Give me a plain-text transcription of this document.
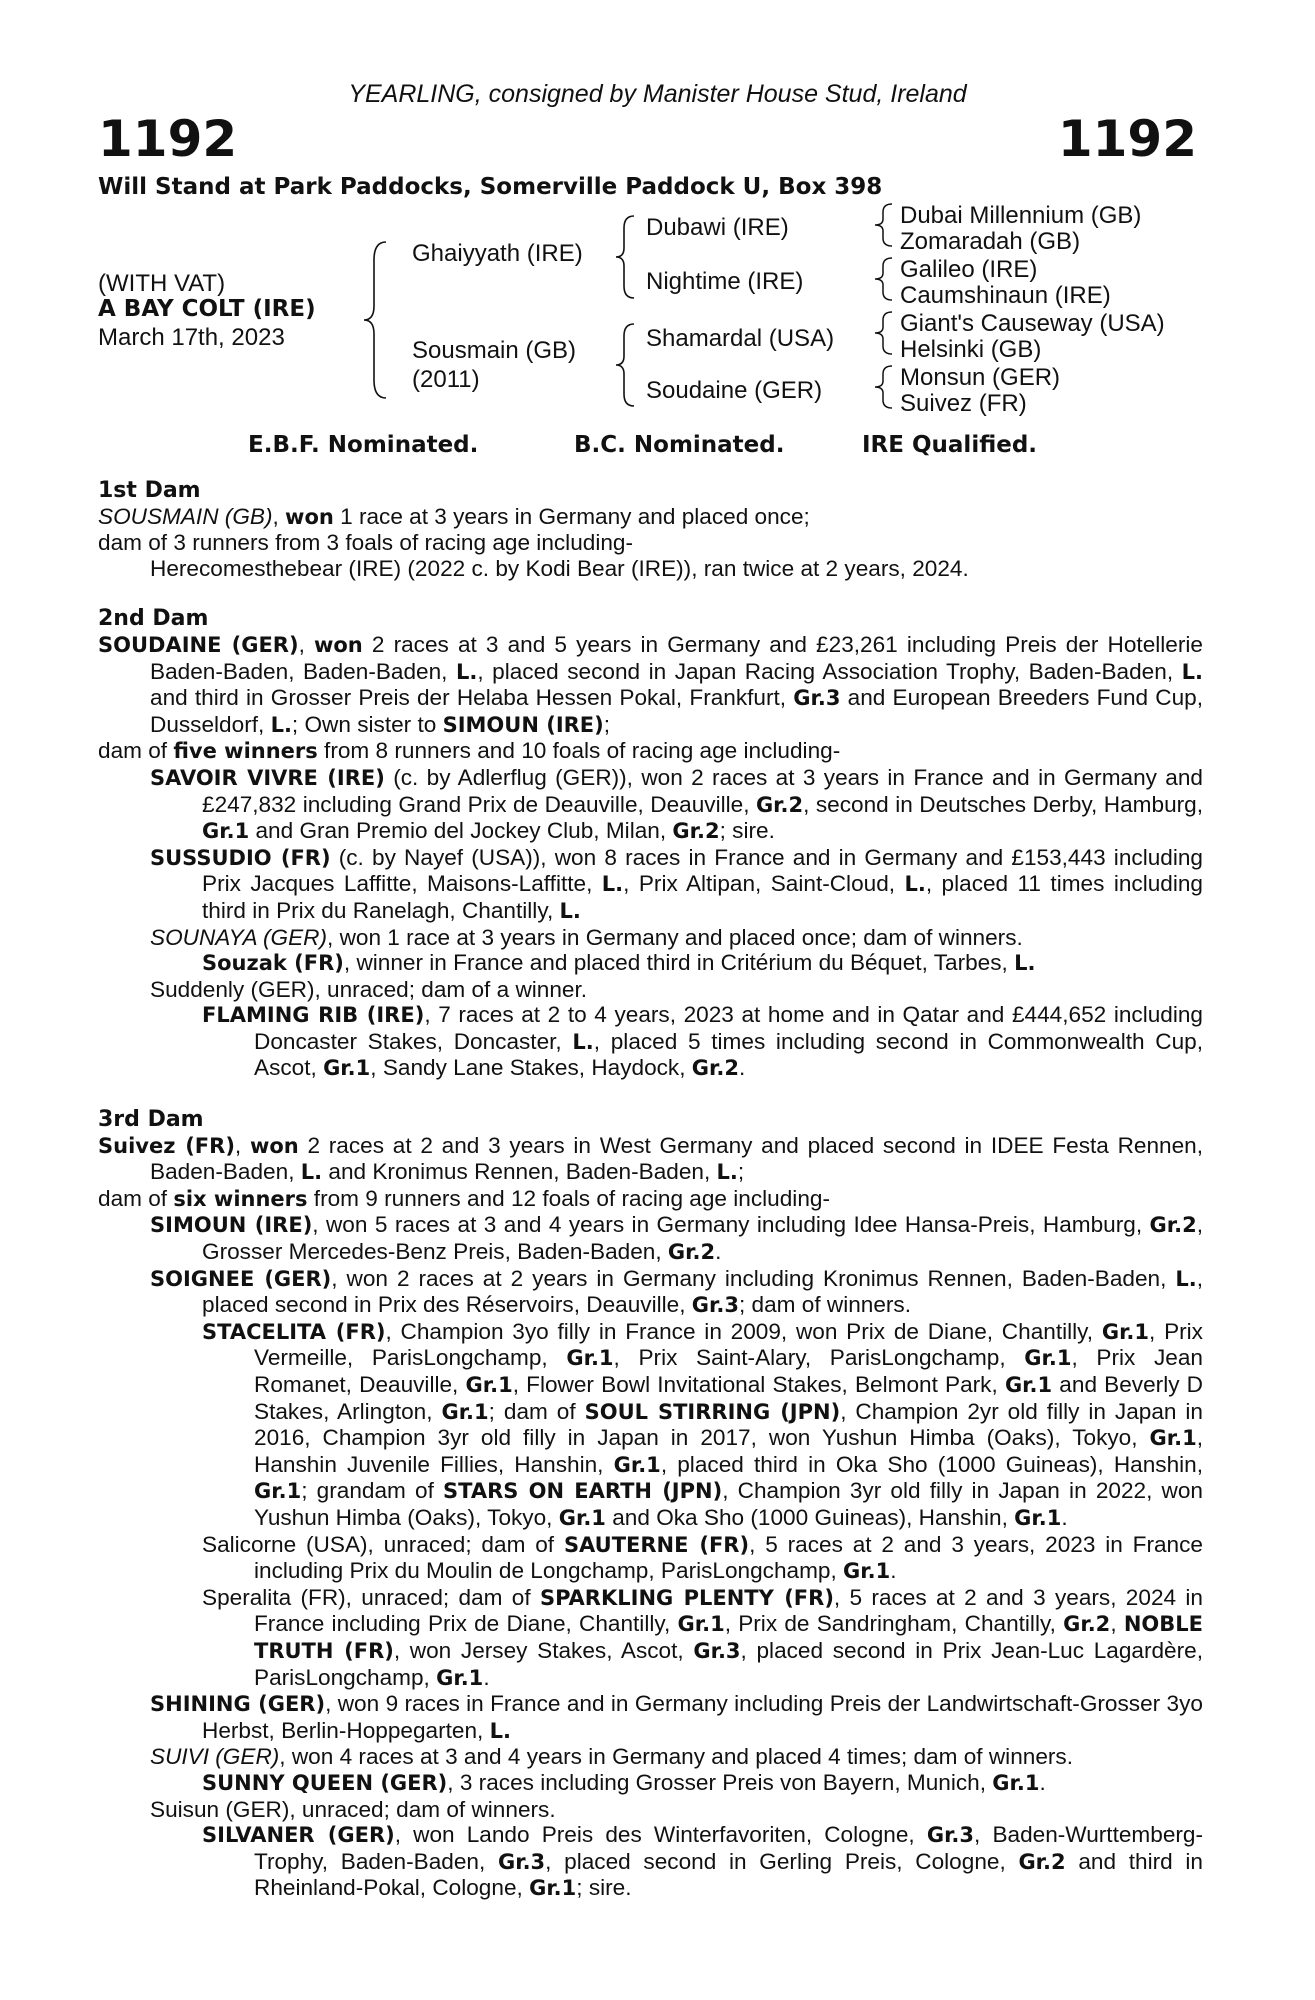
YEARLING, consigned by Manister House Stud, Ireland
1192	1192
Will Stand at Park Paddocks, Somerville Paddock U, Box 398
(WITH VAT)
A BAY COLT (IRE)
March 17th, 2023
Ghaiyyath (IRE)
Sousmain (GB)
(2011)
Dubawi (IRE)
Nightime (IRE)
Shamardal (USA)
Soudaine (GER)
Dubai Millennium (GB)
Zomaradah (GB)
Galileo (IRE)
Caumshinaun (IRE)
Giant's Causeway (USA)
Helsinki (GB)
Monsun (GER)
Suivez (FR)
E.B.F. Nominated.	B.C. Nominated.	IRE Qualified.
1st Dam

SOUSMAIN (GB), won 1 race at 3 years in Germany and placed once;

dam of 3 runners from 3 foals of racing age including-

Herecomesthebear (IRE) (2022 c. by Kodi Bear (IRE)), ran twice at 2 years, 2024.

2nd Dam

SOUDAINE (GER), won 2 races at 3 and 5 years in Germany and £23,261 including Preis der Hotellerie Baden-Baden, Baden-Baden, L., placed second in Japan Racing Association Trophy, Baden-Baden, L. and third in Grosser Preis der Helaba Hessen Pokal, Frankfurt, Gr.3 and European Breeders Fund Cup, Dusseldorf, L.; Own sister to SIMOUN (IRE);

dam of five winners from 8 runners and 10 foals of racing age including-

SAVOIR VIVRE (IRE) (c. by Adlerflug (GER)), won 2 races at 3 years in France and in Germany and £247,832 including Grand Prix de Deauville, Deauville, Gr.2, second in Deutsches Derby, Hamburg, Gr.1 and Gran Premio del Jockey Club, Milan, Gr.2; sire.

SUSSUDIO (FR) (c. by Nayef (USA)), won 8 races in France and in Germany and £153,443 including Prix Jacques Laffitte, Maisons-Laffitte, L., Prix Altipan, Saint-Cloud, L., placed 11 times including third in Prix du Ranelagh, Chantilly, L.

SOUNAYA (GER), won 1 race at 3 years in Germany and placed once; dam of winners.

Souzak (FR), winner in France and placed third in Critérium du Béquet, Tarbes, L.

Suddenly (GER), unraced; dam of a winner.

FLAMING RIB (IRE), 7 races at 2 to 4 years, 2023 at home and in Qatar and £444,652 including Doncaster Stakes, Doncaster, L., placed 5 times including second in Commonwealth Cup, Ascot, Gr.1, Sandy Lane Stakes, Haydock, Gr.2.

3rd Dam

Suivez (FR), won 2 races at 2 and 3 years in West Germany and placed second in IDEE Festa Rennen, Baden-Baden, L. and Kronimus Rennen, Baden-Baden, L.;

dam of six winners from 9 runners and 12 foals of racing age including-

SIMOUN (IRE), won 5 races at 3 and 4 years in Germany including Idee Hansa-Preis, Hamburg, Gr.2, Grosser Mercedes-Benz Preis, Baden-Baden, Gr.2.

SOIGNEE (GER), won 2 races at 2 years in Germany including Kronimus Rennen, Baden-Baden, L., placed second in Prix des Réservoirs, Deauville, Gr.3; dam of winners.

STACELITA (FR), Champion 3yo filly in France in 2009, won Prix de Diane, Chantilly, Gr.1, Prix Vermeille, ParisLongchamp, Gr.1, Prix Saint-Alary, ParisLongchamp, Gr.1, Prix Jean Romanet, Deauville, Gr.1, Flower Bowl Invitational Stakes, Belmont Park, Gr.1 and Beverly D Stakes, Arlington, Gr.1; dam of SOUL STIRRING (JPN), Champion 2yr old filly in Japan in 2016, Champion 3yr old filly in Japan in 2017, won Yushun Himba (Oaks), Tokyo, Gr.1, Hanshin Juvenile Fillies, Hanshin, Gr.1, placed third in Oka Sho (1000 Guineas), Hanshin, Gr.1; grandam of STARS ON EARTH (JPN), Champion 3yr old filly in Japan in 2022, won Yushun Himba (Oaks), Tokyo, Gr.1 and Oka Sho (1000 Guineas), Hanshin, Gr.1.

Salicorne (USA), unraced; dam of SAUTERNE (FR), 5 races at 2 and 3 years, 2023 in France including Prix du Moulin de Longchamp, ParisLongchamp, Gr.1.

Speralita (FR), unraced; dam of SPARKLING PLENTY (FR), 5 races at 2 and 3 years, 2024 in France including Prix de Diane, Chantilly, Gr.1, Prix de Sandringham, Chantilly, Gr.2, NOBLE TRUTH (FR), won Jersey Stakes, Ascot, Gr.3, placed second in Prix Jean-Luc Lagardère, ParisLongchamp, Gr.1.

SHINING (GER), won 9 races in France and in Germany including Preis der Landwirtschaft-Grosser 3yo Herbst, Berlin-Hoppegarten, L.

SUIVI (GER), won 4 races at 3 and 4 years in Germany and placed 4 times; dam of winners.

SUNNY QUEEN (GER), 3 races including Grosser Preis von Bayern, Munich, Gr.1.

Suisun (GER), unraced; dam of winners.

SILVANER (GER), won Lando Preis des Winterfavoriten, Cologne, Gr.3, Baden-Wurttemberg-Trophy, Baden-Baden, Gr.3, placed second in Gerling Preis, Cologne, Gr.2 and third in Rheinland-Pokal, Cologne, Gr.1; sire.
